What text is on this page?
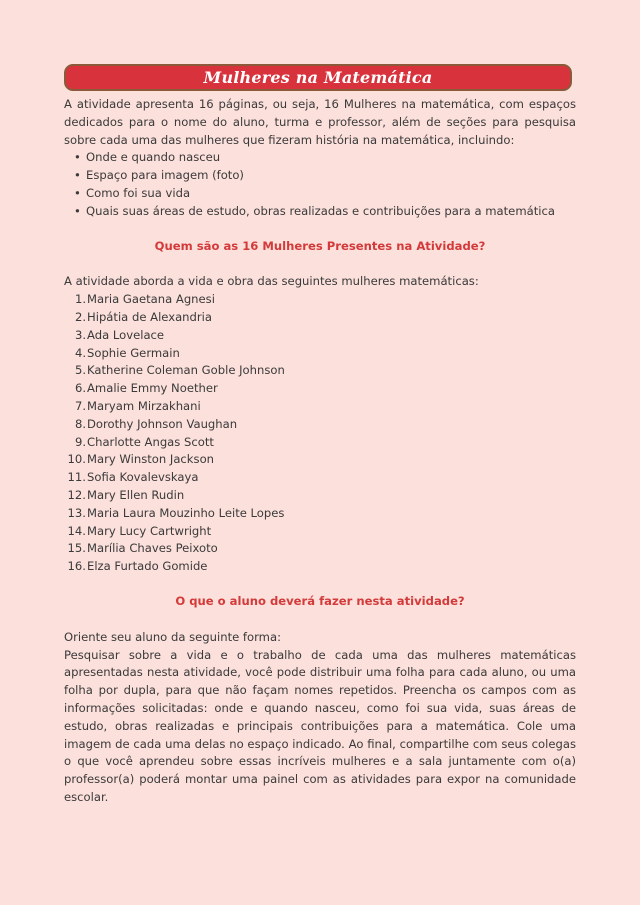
Mulheres na Matemática

A atividade apresenta 16 páginas, ou seja, 16 Mulheres na matemática, com espaços dedicados para o nome do aluno, turma e professor, além de seções para pesquisa sobre cada uma das mulheres que fizeram história na matemática, incluindo:

• Onde e quando nasceu
• Espaço para imagem (foto)
• Como foi sua vida
• Quais suas áreas de estudo, obras realizadas e contribuições para a matemática

Quem são as 16 Mulheres Presentes na Atividade?

A atividade aborda a vida e obra das seguintes mulheres matemáticas:

1. Maria Gaetana Agnesi
2. Hipátia de Alexandria
3. Ada Lovelace
4. Sophie Germain
5. Katherine Coleman Goble Johnson
6. Amalie Emmy Noether
7. Maryam Mirzakhani
8. Dorothy Johnson Vaughan
9. Charlotte Angas Scott
10. Mary Winston Jackson
11. Sofia Kovalevskaya
12. Mary Ellen Rudin
13. Maria Laura Mouzinho Leite Lopes
14. Mary Lucy Cartwright
15. Marília Chaves Peixoto
16. Elza Furtado Gomide

O que o aluno deverá fazer nesta atividade?

Oriente seu aluno da seguinte forma:

Pesquisar sobre a vida e o trabalho de cada uma das mulheres matemáticas apresentadas nesta atividade, você pode distribuir uma folha para cada aluno, ou uma folha por dupla, para que não façam nomes repetidos. Preencha os campos com as informações solicitadas: onde e quando nasceu, como foi sua vida, suas áreas de estudo, obras realizadas e principais contribuições para a matemática. Cole uma imagem de cada uma delas no espaço indicado. Ao final, compartilhe com seus colegas o que você aprendeu sobre essas incríveis mulheres e a sala juntamente com o(a) professor(a) poderá montar uma painel com as atividades para expor na comunidade escolar.
